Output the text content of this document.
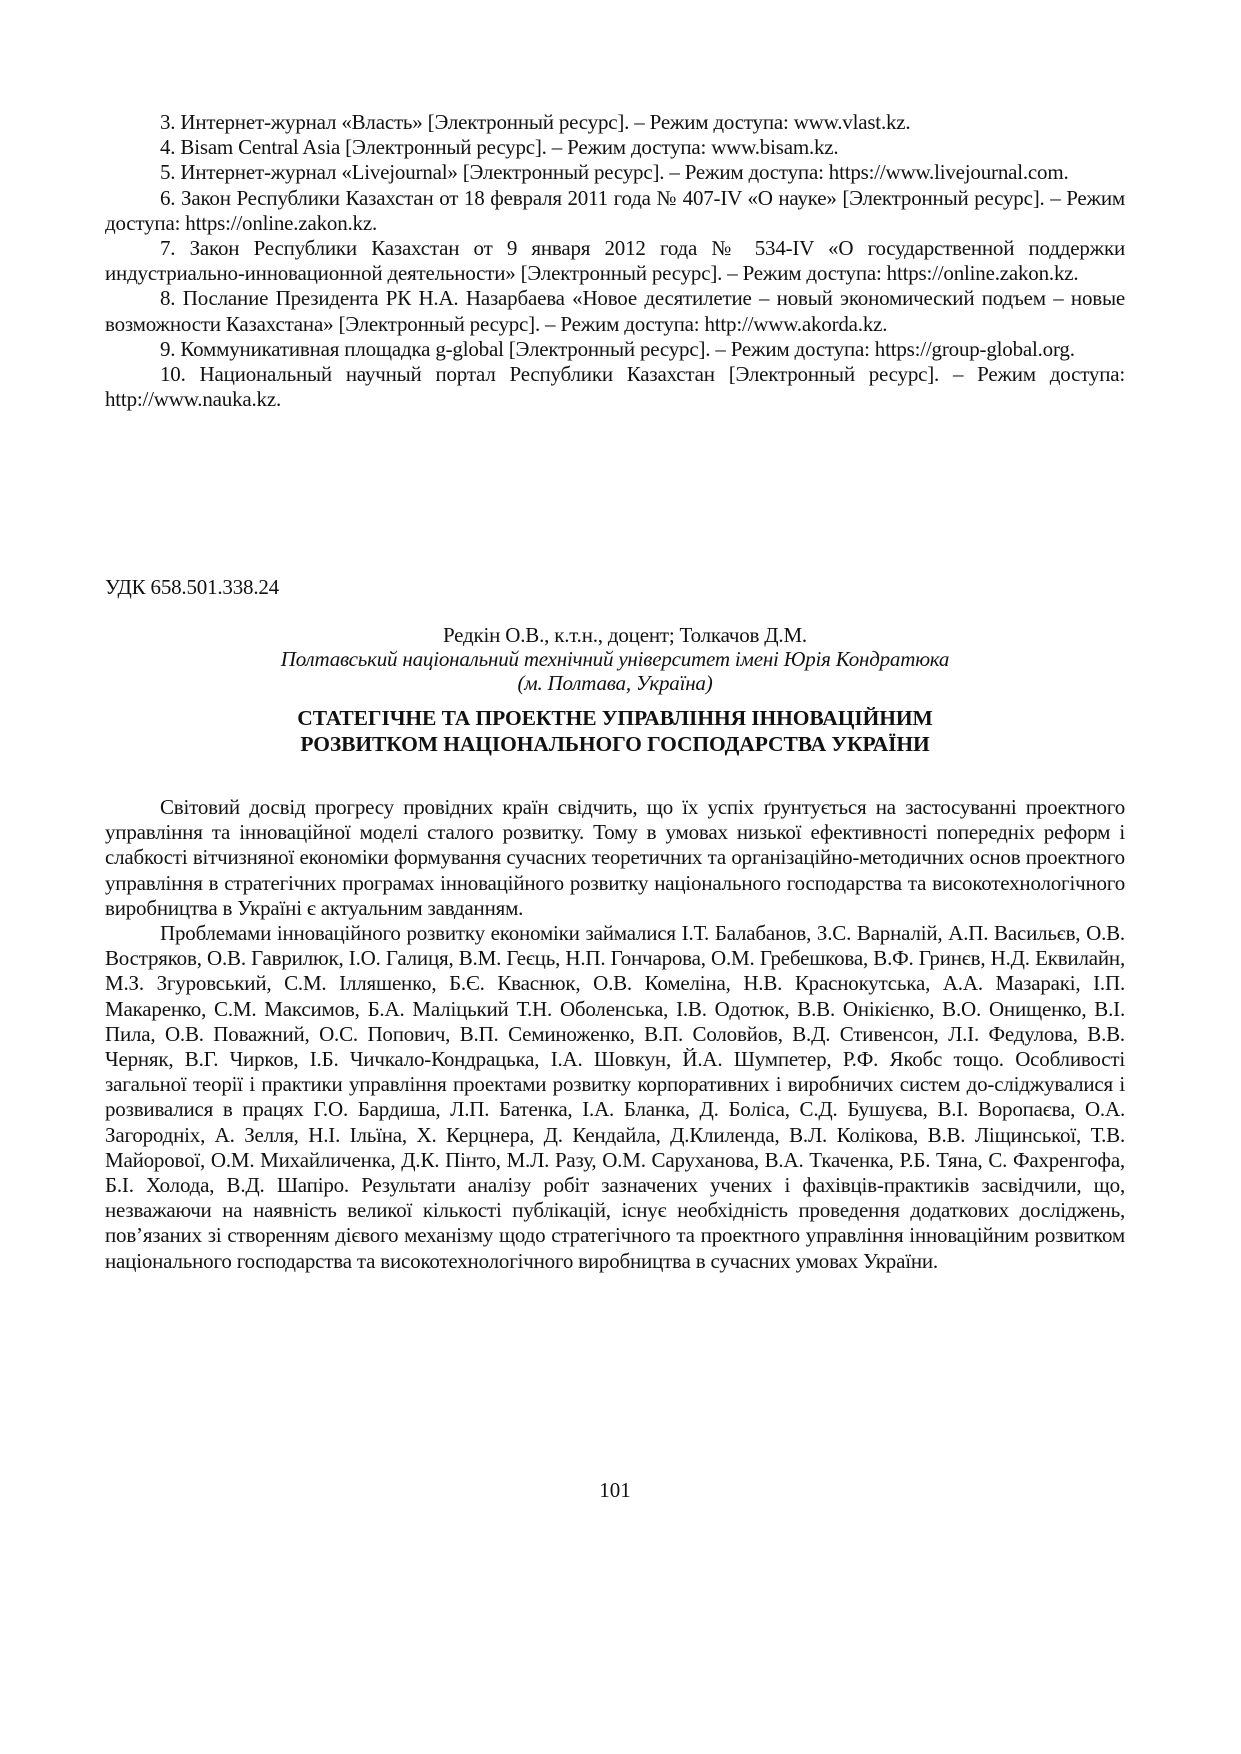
3. Интернет-журнал «Власть» [Электронный ресурс]. – Режим доступа: www.vlast.kz.

4. Bisam Central Asia [Электронный ресурс]. – Режим доступа: www.bisam.kz.

5. Интернет-журнал «Livejournal» [Электронный ресурс]. – Режим доступа: https://www.livejournal.com.

6. Закон Республики Казахстан от 18 февраля 2011 года № 407-IV «О науке» [Электронный ресурс]. – Режим доступа: https://online.zakon.kz.

7. Закон Республики Казахстан от 9 января 2012 года № 534-IV «О государственной поддержки индустриально-инновационной деятельности» [Электронный ресурс]. – Режим доступа: https://online.zakon.kz.

8. Послание Президента РК Н.А. Назарбаева «Новое десятилетие – новый экономический подъем – новые возможности Казахстана» [Электронный ресурс]. – Режим доступа: http://www.akorda.kz.

9. Коммуникативная площадка g-global [Электронный ресурс]. – Режим доступа: https://group-global.org.

10. Национальный научный портал Республики Казахстан [Электронный ресурс]. – Режим доступа: http://www.nauka.kz.

УДК 658.501.338.24
Редкін О.В., к.т.н., доцент; Толкачов Д.М.
Полтавський національний технічний університет імені Юрія Кондратюка
(м. Полтава, Україна)
СТАТЕГІЧНЕ ТА ПРОЕКТНЕ УПРАВЛІННЯ ІННОВАЦІЙНИМ
РОЗВИТКОМ НАЦІОНАЛЬНОГО ГОСПОДАРСТВА УКРАЇНИ

Світовий досвід прогресу провідних країн свідчить, що їх успіх ґрунтується на застосуванні проектного управління та інноваційної моделі сталого розвитку. Тому в умовах низької ефективності попередніх реформ і слабкості вітчизняної економіки формування сучасних теоретичних та організаційно-методичних основ проектного управління в стратегічних програмах інноваційного розвитку національного господарства та високотехнологічного виробництва в Україні є актуальним завданням.

Проблемами інноваційного розвитку економіки займалися І.Т. Балабанов, З.С. Варналій, А.П. Васильєв, О.В. Востряков, О.В. Гаврилюк, І.О. Галиця, В.М. Геєць, Н.П. Гончарова, О.М. Гребешкова, В.Ф. Гринєв, Н.Д. Еквилайн, М.З. Згуровський, С.М. Ілляшенко, Б.Є. Кваснюк, О.В. Комеліна, Н.В. Краснокутська, А.А. Мазаракі, І.П. Макаренко, С.М. Максимов, Б.А. Маліцький Т.Н. Оболенська, І.В. Одотюк, В.В. Онікієнко, В.О. Онищенко, В.І. Пила, О.В. Поважний, О.С. Попович, В.П. Семиноженко, В.П. Соловйов, В.Д. Стивенсон, Л.І. Федулова, В.В. Черняк, В.Г. Чирков, І.Б. Чичкало-Кондрацька, І.А. Шовкун, Й.А. Шумпетер, Р.Ф. Якобс тощо. Особливості загальної теорії і практики управління проектами розвитку корпоративних і виробничих систем до-сліджувалися і розвивалися в працях Г.О. Бардиша, Л.П. Батенка, І.А. Бланка, Д. Боліса, С.Д. Бушуєва, В.І. Воропаєва, О.А. Загородніх, А. Зелля, Н.І. Ільїна, Х. Керцнера, Д. Кендайла, Д.Клиленда, В.Л. Колікова, В.В. Ліщинської, Т.В. Майорової, О.М. Михайличенка, Д.К. Пінто, М.Л. Разу, О.М. Саруханова, В.А. Ткаченка, Р.Б. Тяна, С. Фахренгофа, Б.І. Холода, В.Д. Шапіро. Результати аналізу робіт зазначених учених і фахівців-практиків засвідчили, що, незважаючи на наявність великої кількості публікацій, існує необхідність проведення додаткових досліджень, пов’язаних зі створенням дієвого механізму щодо стратегічного та проектного управління інноваційним розвитком національного господарства та високотехнологічного виробництва в сучасних умовах України.

101
